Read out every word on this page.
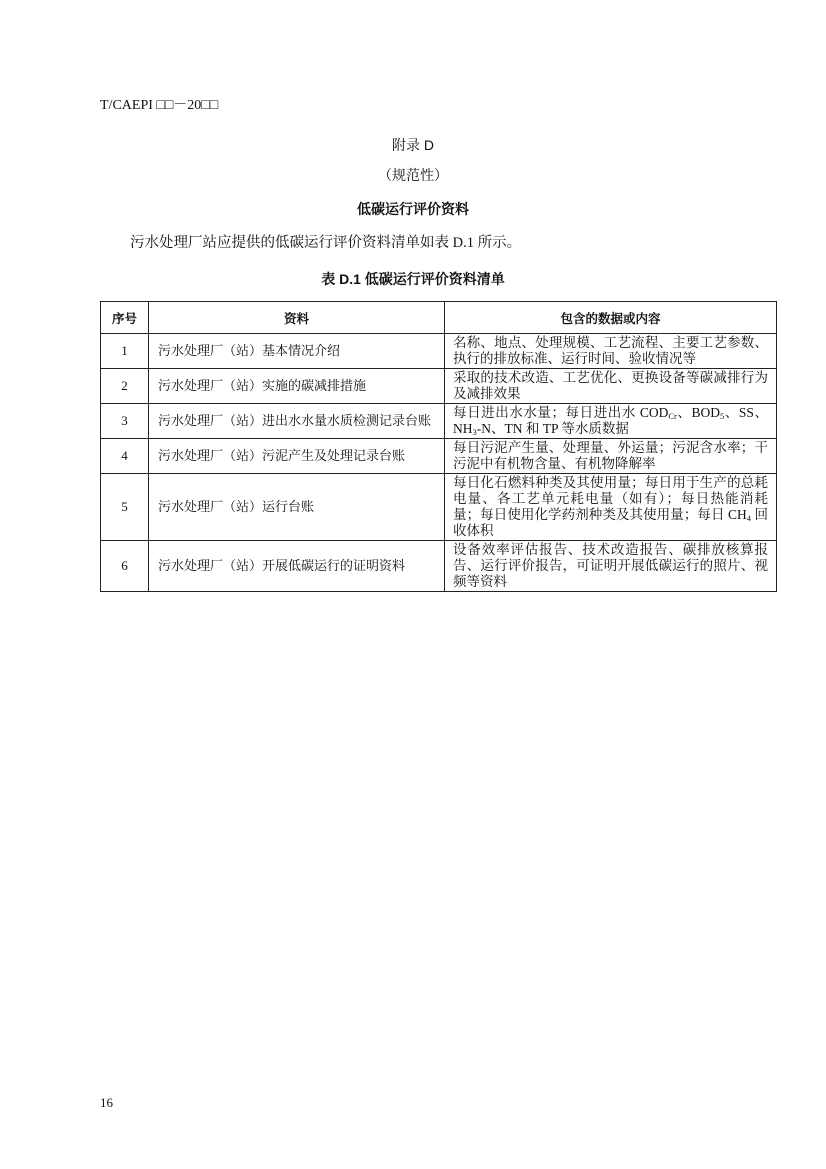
T/CAEPI □□－20□□
附录 D
（规范性）
低碳运行评价资料

污水处理厂站应提供的低碳运行评价资料清单如表 D.1 所示。

表 D.1 低碳运行评价资料清单
序号	资料	包含的数据或内容
1	污水处理厂（站）基本情况介绍	名称、地点、处理规模、工艺流程、主要工艺参数、执行的排放标准、运行时间、验收情况等
2	污水处理厂（站）实施的碳减排措施	采取的技术改造、工艺优化、更换设备等碳减排行为及减排效果
3	污水处理厂（站）进出水水量水质检测记录台账	每日进出水水量；每日进出水 $COD_{Cr}$、$BOD_5$、SS、$NH_3-N$、TN 和 TP 等水质数据
4	污水处理厂（站）污泥产生及处理记录台账	每日污泥产生量、处理量、外运量；污泥含水率；干污泥中有机物含量、有机物降解率
5	污水处理厂（站）运行台账	每日化石燃料种类及其使用量；每日用于生产的总耗电量、各工艺单元耗电量（如有）；每日热能消耗量；每日使用化学药剂种类及其使用量；每日 $CH_4$ 回收体积
6	污水处理厂（站）开展低碳运行的证明资料	设备效率评估报告、技术改造报告、碳排放核算报告、运行评价报告，可证明开展低碳运行的照片、视频等资料
16
